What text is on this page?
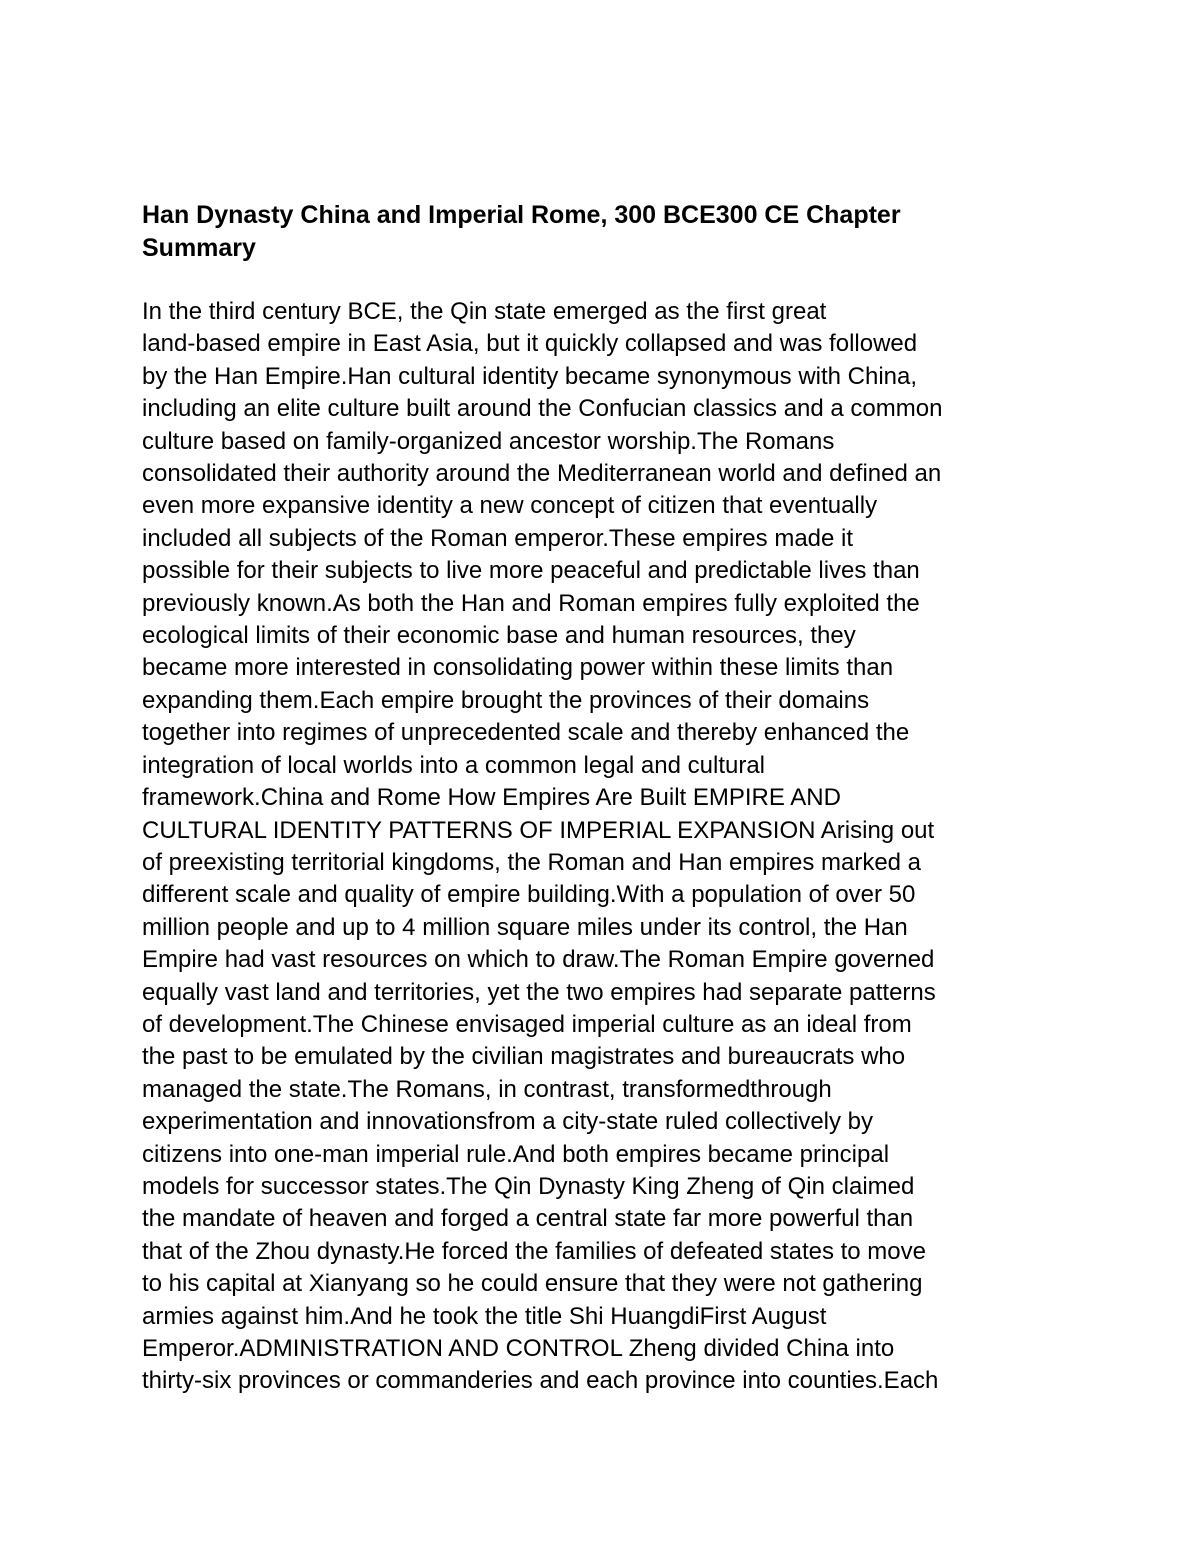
Han Dynasty China and Imperial Rome, 300 BCE300 CE Chapter
Summary
In the third century BCE, the Qin state emerged as the first great
land-based empire in East Asia, but it quickly collapsed and was followed
by the Han Empire.Han cultural identity became synonymous with China,
including an elite culture built around the Confucian classics and a common
culture based on family-organized ancestor worship.The Romans
consolidated their authority around the Mediterranean world and defined an
even more expansive identity a new concept of citizen that eventually
included all subjects of the Roman emperor.These empires made it
possible for their subjects to live more peaceful and predictable lives than
previously known.As both the Han and Roman empires fully exploited the
ecological limits of their economic base and human resources, they
became more interested in consolidating power within these limits than
expanding them.Each empire brought the provinces of their domains
together into regimes of unprecedented scale and thereby enhanced the
integration of local worlds into a common legal and cultural
framework.China and Rome How Empires Are Built EMPIRE AND
CULTURAL IDENTITY PATTERNS OF IMPERIAL EXPANSION Arising out
of preexisting territorial kingdoms, the Roman and Han empires marked a
different scale and quality of empire building.With a population of over 50
million people and up to 4 million square miles under its control, the Han
Empire had vast resources on which to draw.The Roman Empire governed
equally vast land and territories, yet the two empires had separate patterns
of development.The Chinese envisaged imperial culture as an ideal from
the past to be emulated by the civilian magistrates and bureaucrats who
managed the state.The Romans, in contrast, transformedthrough
experimentation and innovationsfrom a city-state ruled collectively by
citizens into one-man imperial rule.And both empires became principal
models for successor states.The Qin Dynasty King Zheng of Qin claimed
the mandate of heaven and forged a central state far more powerful than
that of the Zhou dynasty.He forced the families of defeated states to move
to his capital at Xianyang so he could ensure that they were not gathering
armies against him.And he took the title Shi HuangdiFirst August
Emperor.ADMINISTRATION AND CONTROL Zheng divided China into
thirty-six provinces or commanderies and each province into counties.Each
